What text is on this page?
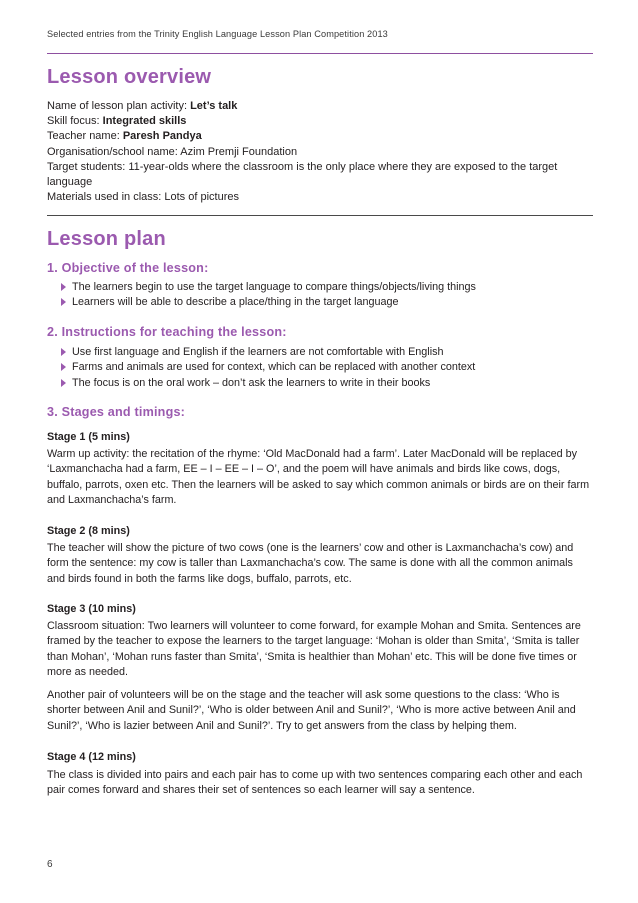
Selected entries from the Trinity English Language Lesson Plan Competition 2013
Lesson overview
Name of lesson plan activity: Let’s talk
Skill focus: Integrated skills
Teacher name: Paresh Pandya
Organisation/school name: Azim Premji Foundation
Target students: 11-year-olds where the classroom is the only place where they are exposed to the target language
Materials used in class: Lots of pictures
Lesson plan
1. Objective of the lesson:
The learners begin to use the target language to compare things/objects/living things
Learners will be able to describe a place/thing in the target language
2. Instructions for teaching the lesson:
Use first language and English if the learners are not comfortable with English
Farms and animals are used for context, which can be replaced with another context
The focus is on the oral work – don’t ask the learners to write in their books
3. Stages and timings:
Stage 1 (5 mins)
Warm up activity: the recitation of the rhyme: ‘Old MacDonald had a farm’. Later MacDonald will be replaced by ‘Laxmanchacha had a farm, EE – I – EE – I – O’, and the poem will have animals and birds like cows, dogs, buffalo, parrots, oxen etc. Then the learners will be asked to say which common animals or birds are on their farm and Laxmanchacha’s farm.
Stage 2 (8 mins)
The teacher will show the picture of two cows (one is the learners’ cow and other is Laxmanchacha’s cow) and form the sentence: my cow is taller than Laxmanchacha’s cow. The same is done with all the common animals and birds found in both the farms like dogs, buffalo, parrots, etc.
Stage 3 (10 mins)
Classroom situation: Two learners will volunteer to come forward, for example Mohan and Smita. Sentences are framed by the teacher to expose the learners to the target language: ‘Mohan is older than Smita’, ‘Smita is taller than Mohan’, ‘Mohan runs faster than Smita’, ‘Smita is healthier than Mohan’ etc. This will be done five times or more as needed.
Another pair of volunteers will be on the stage and the teacher will ask some questions to the class: ‘Who is shorter between Anil and Sunil?’, ‘Who is older between Anil and Sunil?’, ‘Who is more active between Anil and Sunil?’, ‘Who is lazier between Anil and Sunil?’. Try to get answers from the class by helping them.
Stage 4 (12 mins)
The class is divided into pairs and each pair has to come up with two sentences comparing each other and each pair comes forward and shares their set of sentences so each learner will say a sentence.
6
